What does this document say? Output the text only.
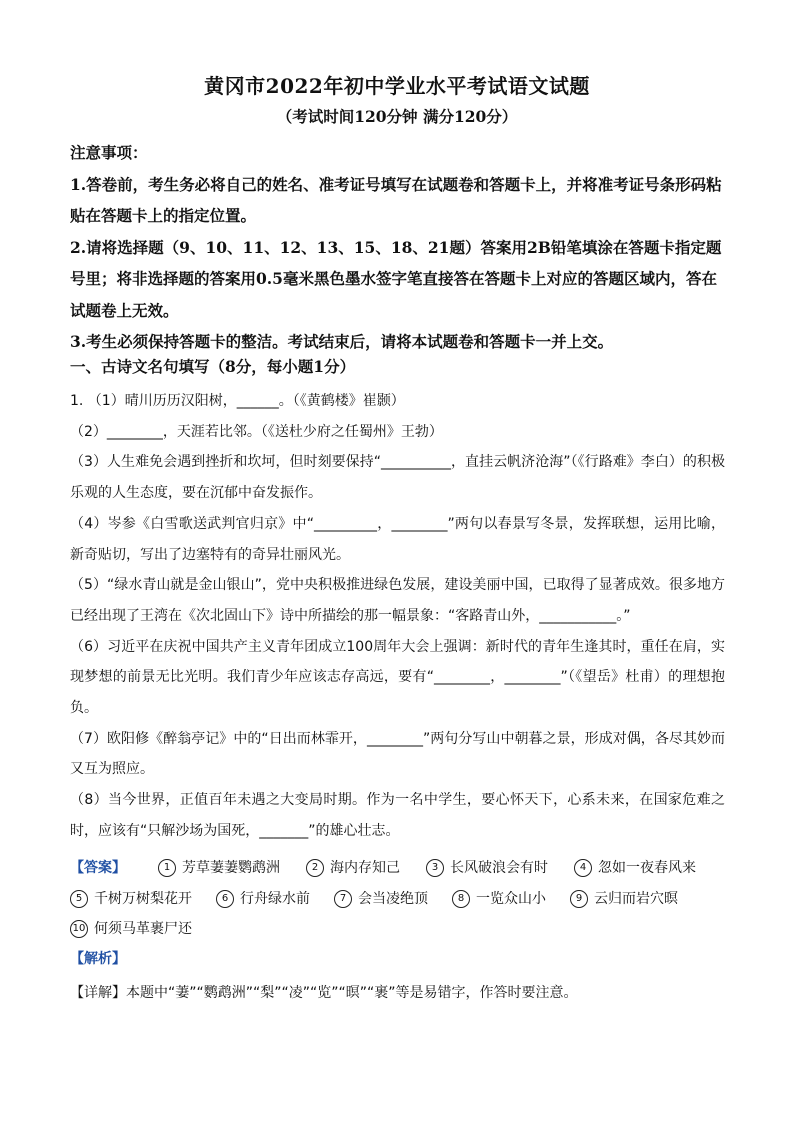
黄冈市2022年初中学业水平考试语文试题
（考试时间120分钟 满分120分）

注意事项：

1.答卷前，考生务必将自己的姓名、准考证号填写在试题卷和答题卡上，并将准考证号条形码粘贴在答题卡上的指定位置。

2.请将选择题（9、10、11、12、13、15、18、21题）答案用2B铅笔填涂在答题卡指定题号里；将非选择题的答案用0.5毫米黑色墨水签字笔直接答在答题卡上对应的答题区域内，答在试题卷上无效。

3.考生必须保持答题卡的整洁。考试结束后，请将本试题卷和答题卡一并上交。

一、古诗文名句填写（8分，每小题1分）

1. （1）晴川历历汉阳树，______。（《黄鹤楼》崔颢）

（2）________，天涯若比邻。（《送杜少府之任蜀州》王勃）

（3）人生难免会遇到挫折和坎坷，但时刻要保持“__________，直挂云帆济沧海”（《行路难》李白）的积极乐观的人生态度，要在沉郁中奋发振作。

（4）岑参《白雪歌送武判官归京》中“_________，________”两句以春景写冬景，发挥联想，运用比喻，新奇贴切，写出了边塞特有的奇异壮丽风光。

（5）“绿水青山就是金山银山”，党中央积极推进绿色发展，建设美丽中国，已取得了显著成效。很多地方已经出现了王湾在《次北固山下》诗中所描绘的那一幅景象：“客路青山外，___________。”

（6）习近平在庆祝中国共产主义青年团成立100周年大会上强调：新时代的青年生逢其时，重任在肩，实现梦想的前景无比光明。我们青少年应该志存高远，要有“________，________”（《望岳》杜甫）的理想抱负。

（7）欧阳修《醉翁亭记》中的“日出而林霏开，________”两句分写山中朝暮之景，形成对偶，各尽其妙而又互为照应。

（8）当今世界，正值百年未遇之大变局时期。作为一名中学生，要心怀天下，心系未来，在国家危难之时，应该有“只解沙场为国死，_______”的雄心壮志。

【答案】	1 芳草萋萋鹦鹉洲	2 海内存知己	3 长风破浪会有时	4 忽如一夜春风来
5 千树万树梨花开	6 行舟绿水前	7 会当凌绝顶	8 一览众山小	9 云归而岩穴暝
10 何须马革裹尸还
【解析】
【详解】本题中“萋”“鹦鹉洲”“梨”“凌”“览”“暝”“裹”等是易错字，作答时要注意。
